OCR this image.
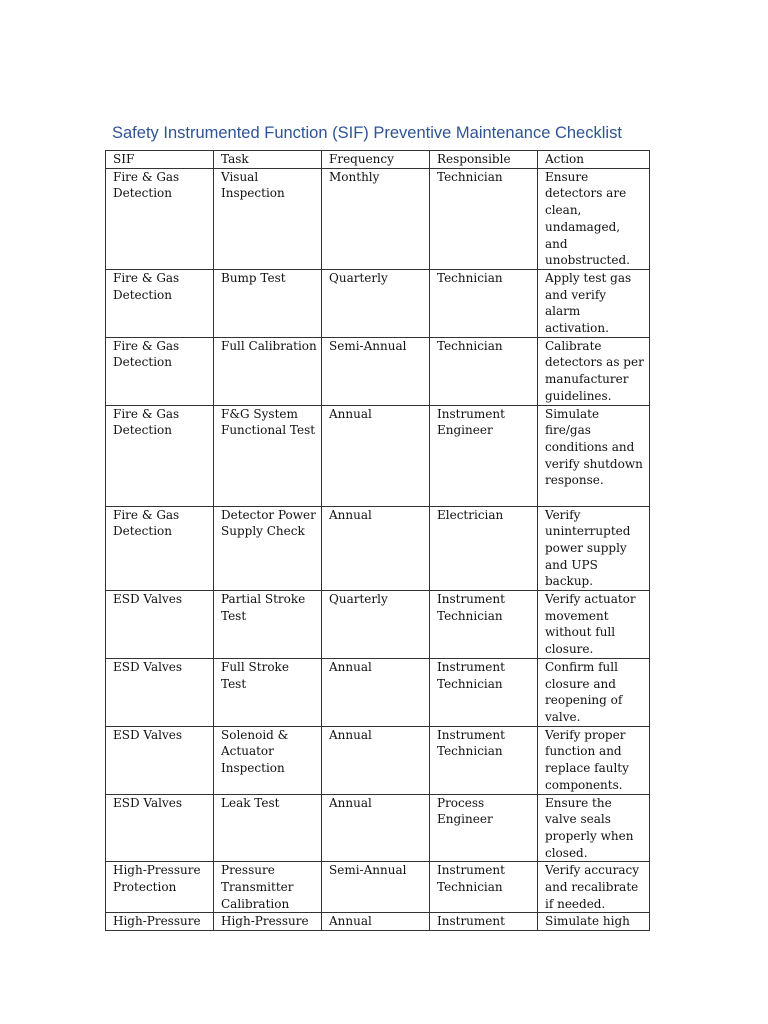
Safety Instrumented Function (SIF) Preventive Maintenance Checklist
SIF	Task	Frequency	Responsible	Action
Fire & Gas Detection	Visual Inspection	Monthly	Technician	Ensure detectors are clean, undamaged, and unobstructed.
Fire & Gas Detection	Bump Test	Quarterly	Technician	Apply test gas and verify alarm activation.
Fire & Gas Detection	Full Calibration	Semi-Annual	Technician	Calibrate detectors as per manufacturer guidelines.
Fire & Gas Detection	F&G System Functional Test	Annual	Instrument Engineer	Simulate fire/gas conditions and verify shutdown response.
Fire & Gas Detection	Detector Power Supply Check	Annual	Electrician	Verify uninterrupted power supply and UPS backup.
ESD Valves	Partial Stroke Test	Quarterly	Instrument Technician	Verify actuator movement without full closure.
ESD Valves	Full Stroke Test	Annual	Instrument Technician	Confirm full closure and reopening of valve.
ESD Valves	Solenoid & Actuator Inspection	Annual	Instrument Technician	Verify proper function and replace faulty components.
ESD Valves	Leak Test	Annual	Process Engineer	Ensure the valve seals properly when closed.
High-Pressure Protection	Pressure Transmitter Calibration	Semi-Annual	Instrument Technician	Verify accuracy and recalibrate if needed.
High-Pressure	High-Pressure	Annual	Instrument	Simulate high
